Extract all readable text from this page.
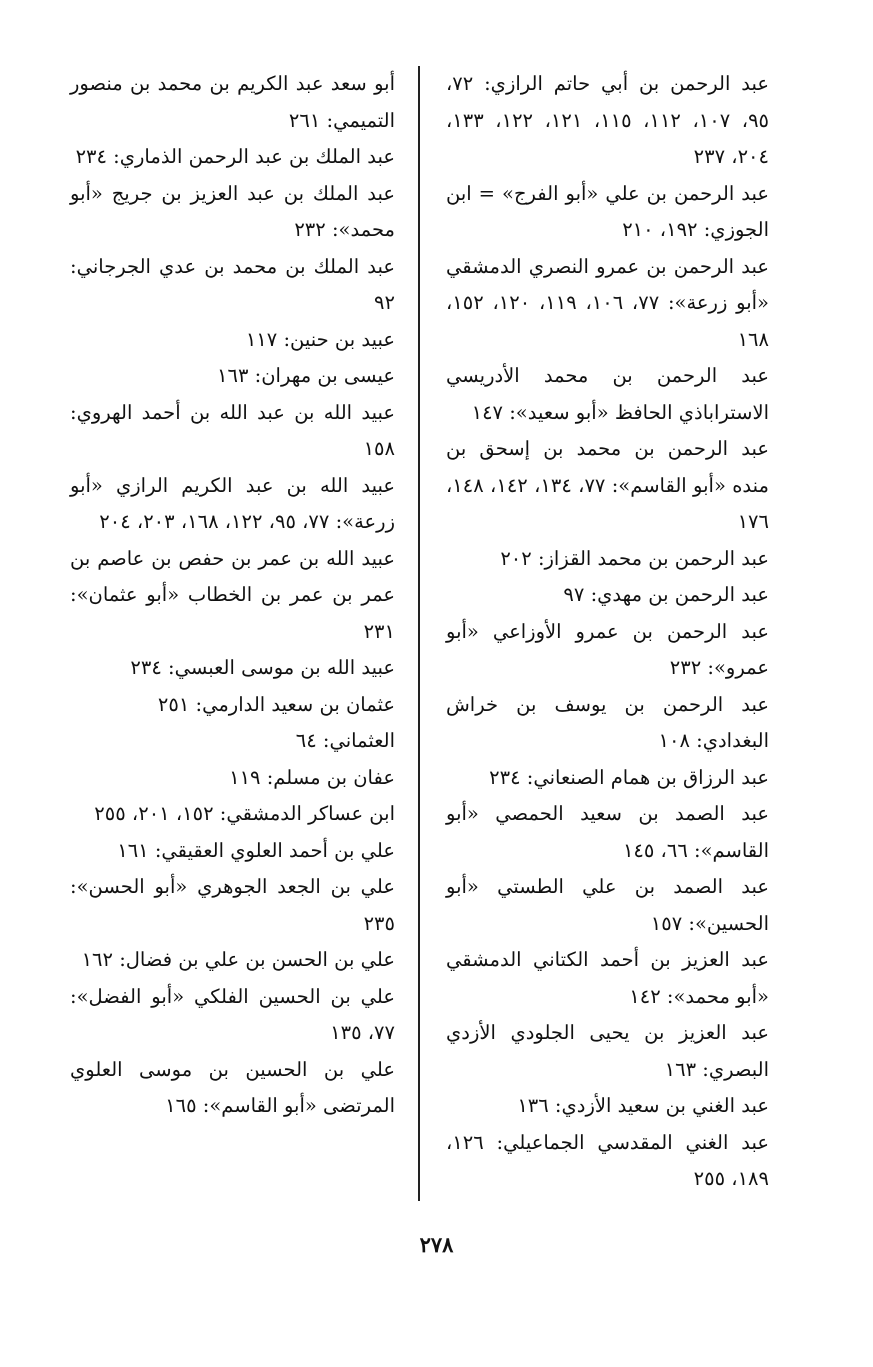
عبد الرحمن بن أبي حاتم الرازي: ٧٢، ٩٥، ١٠٧، ١١٢، ١١٥، ١٢١، ١٢٢، ١٣٣، ٢٠٤، ٢٣٧
عبد الرحمن بن علي «أبو الفرج» = ابن الجوزي: ١٩٢، ٢١٠
عبد الرحمن بن عمرو النصري الدمشقي «أبو زرعة»: ٧٧، ١٠٦، ١١٩، ١٢٠، ١٥٢، ١٦٨
عبد الرحمن بن محمد الأدريسي الاستراباذي الحافظ «أبو سعيد»: ١٤٧
عبد الرحمن بن محمد بن إسحق بن منده «أبو القاسم»: ٧٧، ١٣٤، ١٤٢، ١٤٨، ١٧٦
عبد الرحمن بن محمد القزاز: ٢٠٢
عبد الرحمن بن مهدي: ٩٧
عبد الرحمن بن عمرو الأوزاعي «أبو عمرو»: ٢٣٢
عبد الرحمن بن يوسف بن خراش البغدادي: ١٠٨
عبد الرزاق بن همام الصنعاني: ٢٣٤
عبد الصمد بن سعيد الحمصي «أبو القاسم»: ٦٦، ١٤٥
عبد الصمد بن علي الطستي «أبو الحسين»: ١٥٧
عبد العزيز بن أحمد الكتاني الدمشقي «أبو محمد»: ١٤٢
عبد العزيز بن يحيى الجلودي الأزدي البصري: ١٦٣
عبد الغني بن سعيد الأزدي: ١٣٦
عبد الغني المقدسي الجماعيلي: ١٢٦، ١٨٩، ٢٥٥
أبو سعد عبد الكريم بن محمد بن منصور التميمي: ٢٦١
عبد الملك بن عبد الرحمن الذماري: ٢٣٤
عبد الملك بن عبد العزيز بن جريج «أبو محمد»: ٢٣٢
عبد الملك بن محمد بن عدي الجرجاني: ٩٢
عبيد بن حنين: ١١٧
عيسى بن مهران: ١٦٣
عبيد الله بن عبد الله بن أحمد الهروي: ١٥٨
عبيد الله بن عبد الكريم الرازي «أبو زرعة»: ٧٧، ٩٥، ١٢٢، ١٦٨، ٢٠٣، ٢٠٤
عبيد الله بن عمر بن حفص بن عاصم بن عمر بن عمر بن الخطاب «أبو عثمان»: ٢٣١
عبيد الله بن موسى العبسي: ٢٣٤
عثمان بن سعيد الدارمي: ٢٥١
العثماني: ٦٤
عفان بن مسلم: ١١٩
ابن عساكر الدمشقي: ١٥٢، ٢٠١، ٢٥٥
علي بن أحمد العلوي العقيقي: ١٦١
علي بن الجعد الجوهري «أبو الحسن»: ٢٣٥
علي بن الحسن بن علي بن فضال: ١٦٢
علي بن الحسين الفلكي «أبو الفضل»: ٧٧، ١٣٥
علي بن الحسين بن موسى العلوي المرتضى «أبو القاسم»: ١٦٥
٢٧٨
